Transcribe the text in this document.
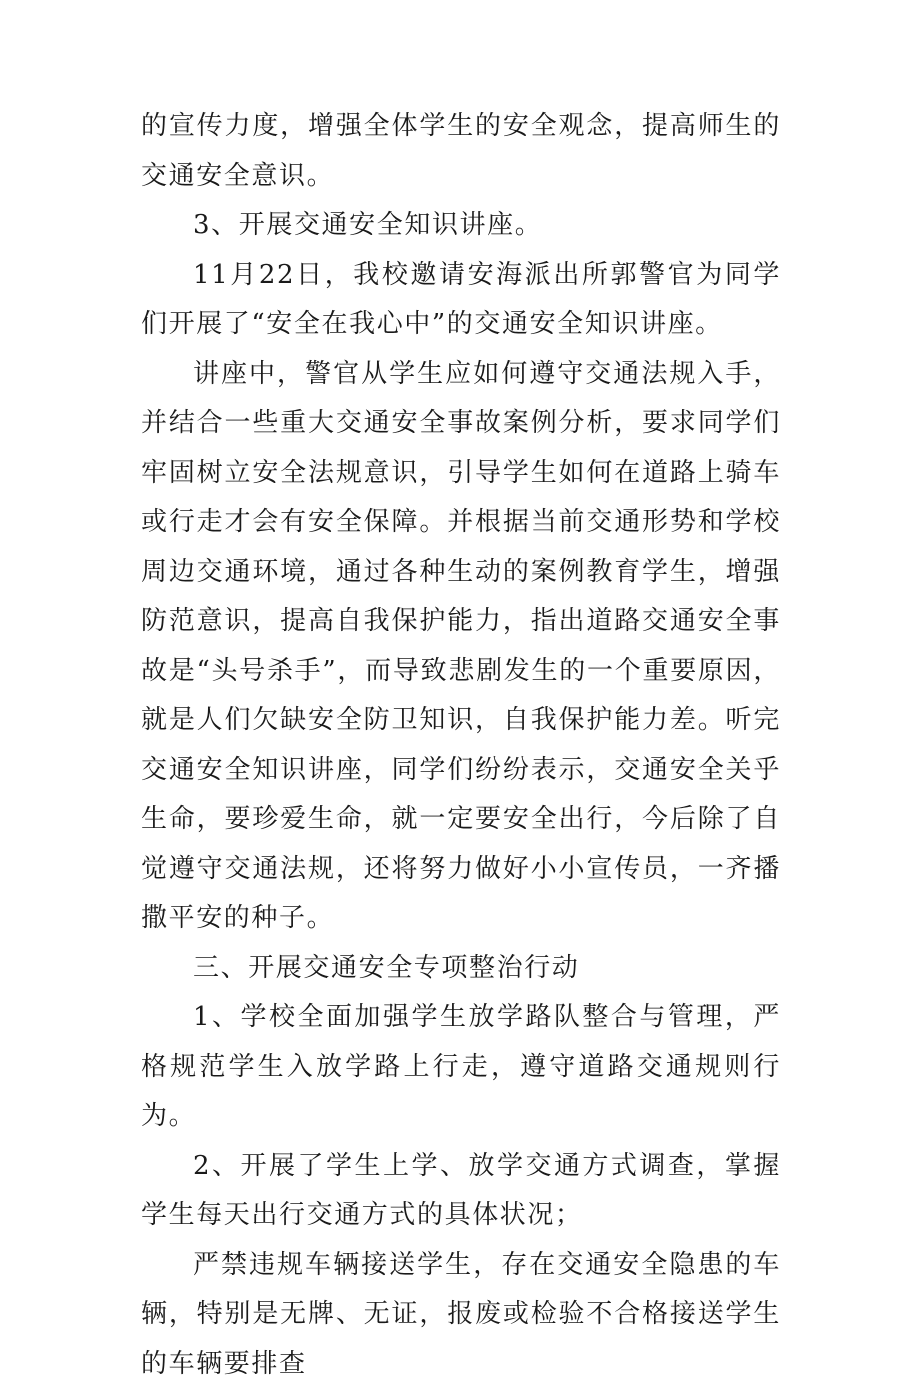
的宣传力度，增强全体学生的安全观念，提高师生的交通安全意识。

3、开展交通安全知识讲座。

11月22日，我校邀请安海派出所郭警官为同学们开展了“安全在我心中”的交通安全知识讲座。

讲座中，警官从学生应如何遵守交通法规入手，并结合一些重大交通安全事故案例分析，要求同学们牢固树立安全法规意识，引导学生如何在道路上骑车或行走才会有安全保障。并根据当前交通形势和学校周边交通环境，通过各种生动的案例教育学生，增强防范意识，提高自我保护能力，指出道路交通安全事故是“头号杀手”，而导致悲剧发生的一个重要原因，就是人们欠缺安全防卫知识，自我保护能力差。听完交通安全知识讲座，同学们纷纷表示，交通安全关乎生命，要珍爱生命，就一定要安全出行，今后除了自觉遵守交通法规，还将努力做好小小宣传员，一齐播撒平安的种子。

三、开展交通安全专项整治行动

1、学校全面加强学生放学路队整合与管理，严格规范学生入放学路上行走，遵守道路交通规则行为。

2、开展了学生上学、放学交通方式调查，掌握学生每天出行交通方式的具体状况；

严禁违规车辆接送学生，存在交通安全隐患的车辆，特别是无牌、无证，报废或检验不合格接送学生的车辆要排查
